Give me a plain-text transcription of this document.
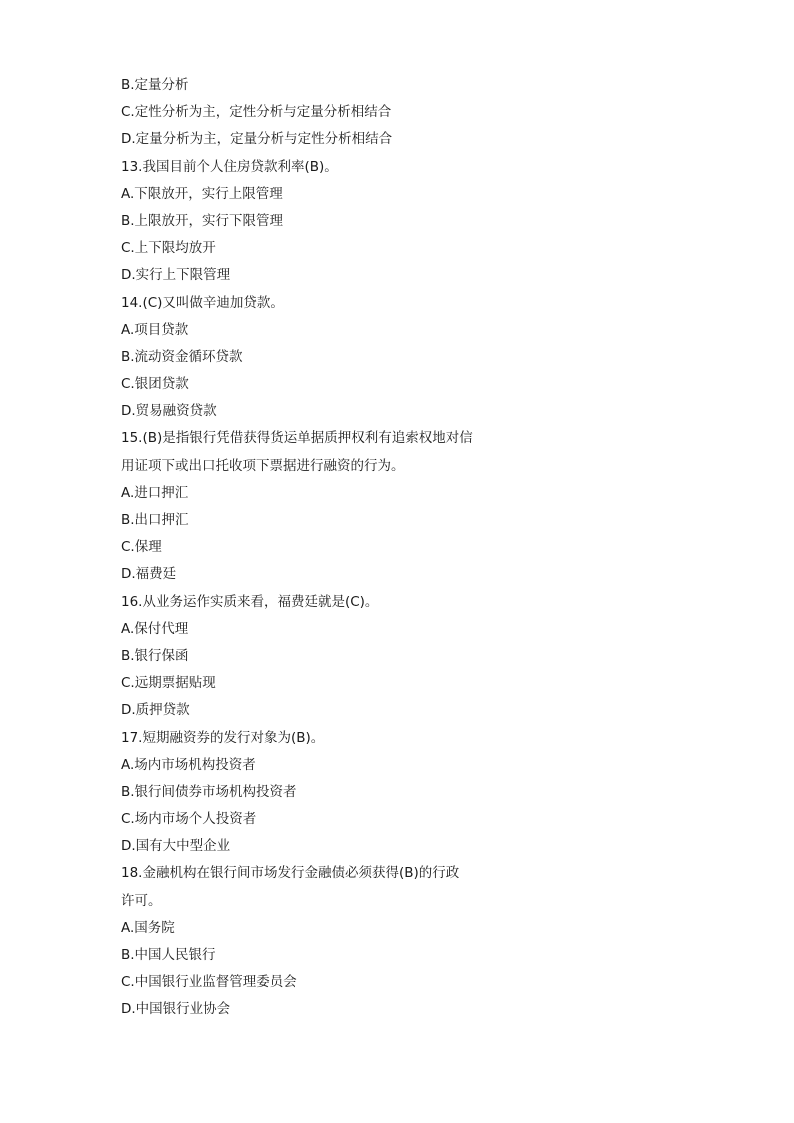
B.定量分析
C.定性分析为主，定性分析与定量分析相结合
D.定量分析为主，定量分析与定性分析相结合
13.我国目前个人住房贷款利率(B)。
A.下限放开，实行上限管理
B.上限放开，实行下限管理
C.上下限均放开
D.实行上下限管理
14.(C)又叫做辛迪加贷款。
A.项目贷款
B.流动资金循环贷款
C.银团贷款
D.贸易融资贷款
15.(B)是指银行凭借获得货运单据质押权利有追索权地对信
用证项下或出口托收项下票据进行融资的行为。
A.进口押汇
B.出口押汇
C.保理
D.福费廷
16.从业务运作实质来看，福费廷就是(C)。
A.保付代理
B.银行保函
C.远期票据贴现
D.质押贷款
17.短期融资券的发行对象为(B)。
A.场内市场机构投资者
B.银行间债券市场机构投资者
C.场内市场个人投资者
D.国有大中型企业
18.金融机构在银行间市场发行金融债必须获得(B)的行政
许可。
A.国务院
B.中国人民银行
C.中国银行业监督管理委员会
D.中国银行业协会
